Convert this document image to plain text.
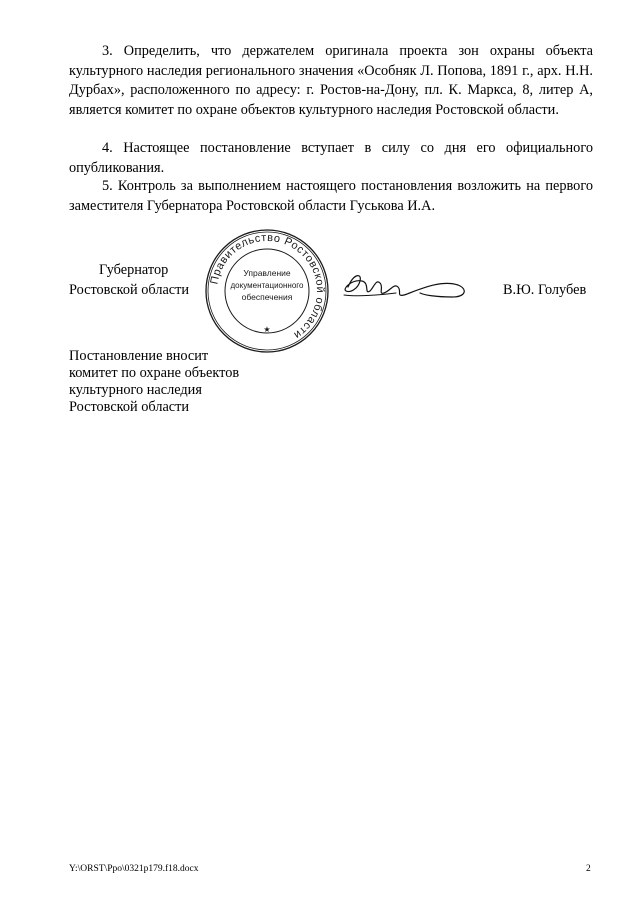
3. Определить, что держателем оригинала проекта зон охраны объекта культурного наследия регионального значения «Особняк Л. Попова, 1891 г., арх. Н.Н. Дурбах», расположенного по адресу: г. Ростов-на-Дону, пл. К. Маркса, 8, литер А, является комитет по охране объектов культурного наследия Ростовской области.

4. Настоящее постановление вступает в силу со дня его официального опубликования.

5. Контроль за выполнением настоящего постановления возложить на первого заместителя Губернатора Ростовской области Гуськова И.А.

Губернатор
Ростовской области
Правительство Ростовской области
Управление
документационного
обеспечения
★
В.Ю. Голубев
Постановление вносит
комитет по охране объектов
культурного наследия
Ростовской области
Y:\ORST\Ppo\0321p179.f18.docx	2
